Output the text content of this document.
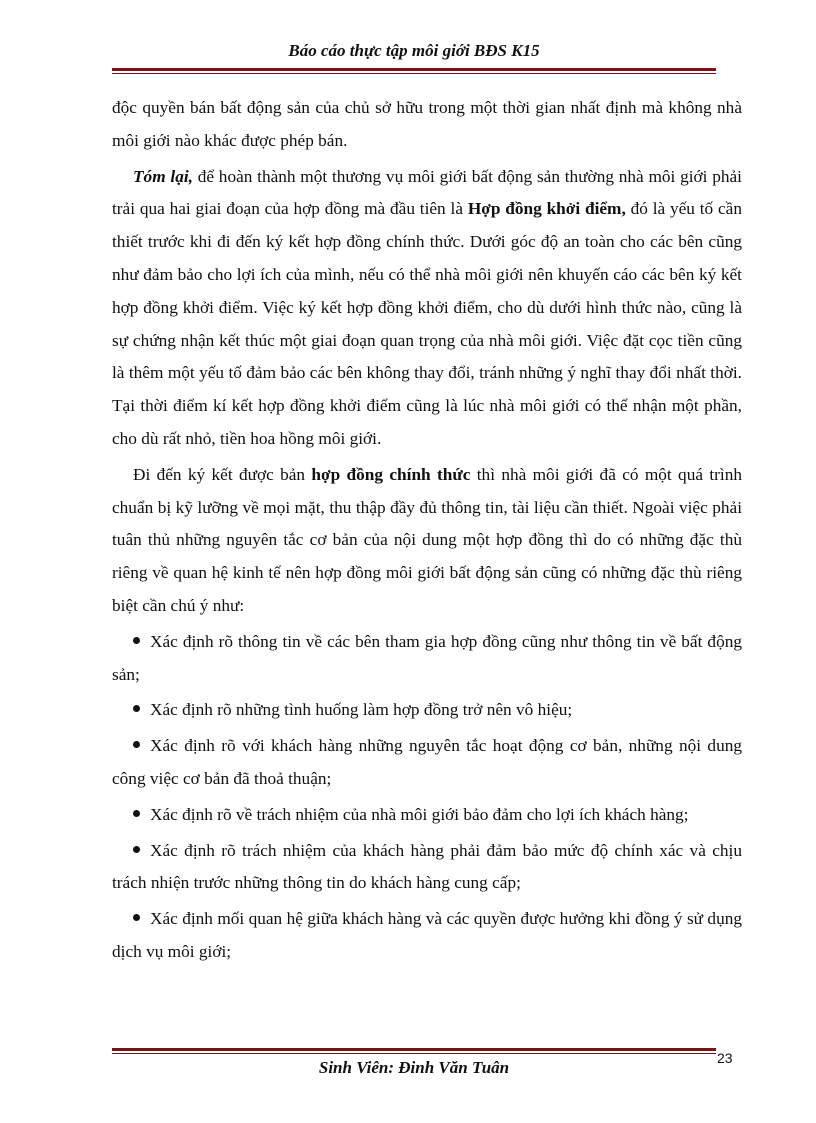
Báo cáo thực tập môi giới BĐS K15

độc quyền bán bất động sản của chủ sở hữu trong một thời gian nhất định mà không nhà môi giới nào khác được phép bán.

Tóm lại, để hoàn thành một thương vụ môi giới bất động sản thường nhà môi giới phải trải qua hai giai đoạn của hợp đồng mà đầu tiên là Hợp đồng khởi điểm, đó là yếu tố cần thiết trước khi đi đến ký kết hợp đồng chính thức. Dưới góc độ an toàn cho các bên cũng như đảm bảo cho lợi ích của mình, nếu có thể nhà môi giới nên khuyến cáo các bên ký kết hợp đồng khởi điểm. Việc ký kết hợp đồng khởi điểm, cho dù dưới hình thức nào, cũng là sự chứng nhận kết thúc một giai đoạn quan trọng của nhà môi giới. Việc đặt cọc tiền cũng là thêm một yếu tố đảm bảo các bên không thay đổi, tránh những ý nghĩ thay đổi nhất thời. Tại thời điểm kí kết hợp đồng khởi điểm cũng là lúc nhà môi giới có thể nhận một phần, cho dù rất nhỏ, tiền hoa hồng môi giới.

Đi đến ký kết được bản hợp đồng chính thức thì nhà môi giới đã có một quá trình chuẩn bị kỹ lưỡng về mọi mặt, thu thập đầy đủ thông tin, tài liệu cần thiết. Ngoài việc phải tuân thủ những nguyên tắc cơ bản của nội dung một hợp đồng thì do có những đặc thù riêng về quan hệ kinh tế nên hợp đồng môi giới bất động sản cũng có những đặc thù riêng biệt cần chú ý như:

Xác định rõ thông tin về các bên tham gia hợp đồng cũng như thông tin về bất động sản;
Xác định rõ những tình huống làm hợp đồng trở nên vô hiệu;
Xác định rõ với khách hàng những nguyên tắc hoạt động cơ bản, những nội dung công việc cơ bản đã thoả thuận;
Xác định rõ về trách nhiệm của nhà môi giới bảo đảm cho lợi ích khách hàng;
Xác định rõ trách nhiệm của khách hàng phải đảm bảo mức độ chính xác và chịu trách nhiện trước những thông tin do khách hàng cung cấp;
Xác định mối quan hệ giữa khách hàng và các quyền được hưởng khi đồng ý sử dụng dịch vụ môi giới;
Sinh Viên: Đinh Văn Tuân	23
